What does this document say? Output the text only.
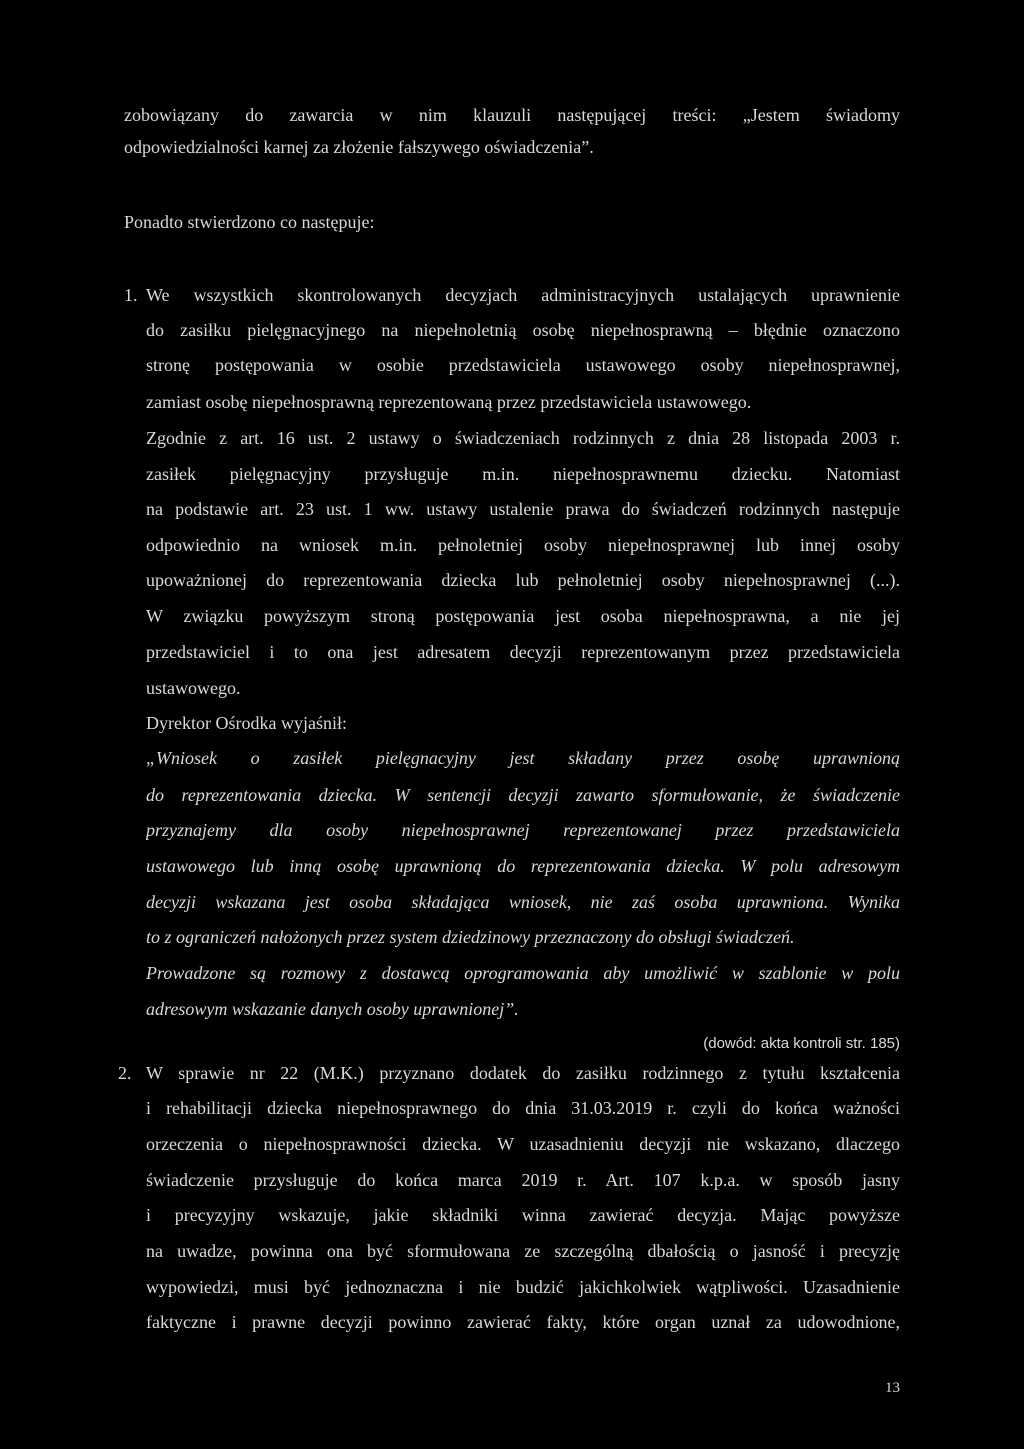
zobowiązany do zawarcia w nim klauzuli następującej treści: „Jestem świadomy
odpowiedzialności karnej za złożenie fałszywego oświadczenia”.
Ponadto stwierdzono co następuje:
1. We wszystkich skontrolowanych decyzjach administracyjnych ustalających uprawnienie
do zasiłku pielęgnacyjnego na niepełnoletnią osobę niepełnosprawną – błędnie oznaczono
stronę postępowania w osobie przedstawiciela ustawowego osoby niepełnosprawnej,
zamiast osobę niepełnosprawną reprezentowaną przez przedstawiciela ustawowego.
Zgodnie z art. 16 ust. 2 ustawy o świadczeniach rodzinnych z dnia 28 listopada 2003 r.
zasiłek pielęgnacyjny przysługuje m.in. niepełnosprawnemu dziecku. Natomiast
na podstawie art. 23 ust. 1 ww. ustawy ustalenie prawa do świadczeń rodzinnych następuje
odpowiednio na wniosek m.in. pełnoletniej osoby niepełnosprawnej lub innej osoby
upoważnionej do reprezentowania dziecka lub pełnoletniej osoby niepełnosprawnej (...).
W związku powyższym stroną postępowania jest osoba niepełnosprawna, a nie jej
przedstawiciel i to ona jest adresatem decyzji reprezentowanym przez przedstawiciela
ustawowego.
Dyrektor Ośrodka wyjaśnił:
„Wniosek o zasiłek pielęgnacyjny jest składany przez osobę uprawnioną
do reprezentowania dziecka. W sentencji decyzji zawarto sformułowanie, że świadczenie
przyznajemy dla osoby niepełnosprawnej reprezentowanej przez przedstawiciela
ustawowego lub inną osobę uprawnioną do reprezentowania dziecka. W polu adresowym
decyzji wskazana jest osoba składająca wniosek, nie zaś osoba uprawniona. Wynika
to z ograniczeń nałożonych przez system dziedzinowy przeznaczony do obsługi świadczeń.
Prowadzone są rozmowy z dostawcą oprogramowania aby umożliwić w szablonie w polu
adresowym wskazanie danych osoby uprawnionej”.
(dowód: akta kontroli str. 185)
2. W sprawie nr 22 (M.K.) przyznano dodatek do zasiłku rodzinnego z tytułu kształcenia
i rehabilitacji dziecka niepełnosprawnego do dnia 31.03.2019 r. czyli do końca ważności
orzeczenia o niepełnosprawności dziecka. W uzasadnieniu decyzji nie wskazano, dlaczego
świadczenie przysługuje do końca marca 2019 r. Art. 107 k.p.a. w sposób jasny
i precyzyjny wskazuje, jakie składniki winna zawierać decyzja. Mając powyższe
na uwadze, powinna ona być sformułowana ze szczególną dbałością o jasność i precyzję
wypowiedzi, musi być jednoznaczna i nie budzić jakichkolwiek wątpliwości. Uzasadnienie
faktyczne i prawne decyzji powinno zawierać fakty, które organ uznał za udowodnione,
13
